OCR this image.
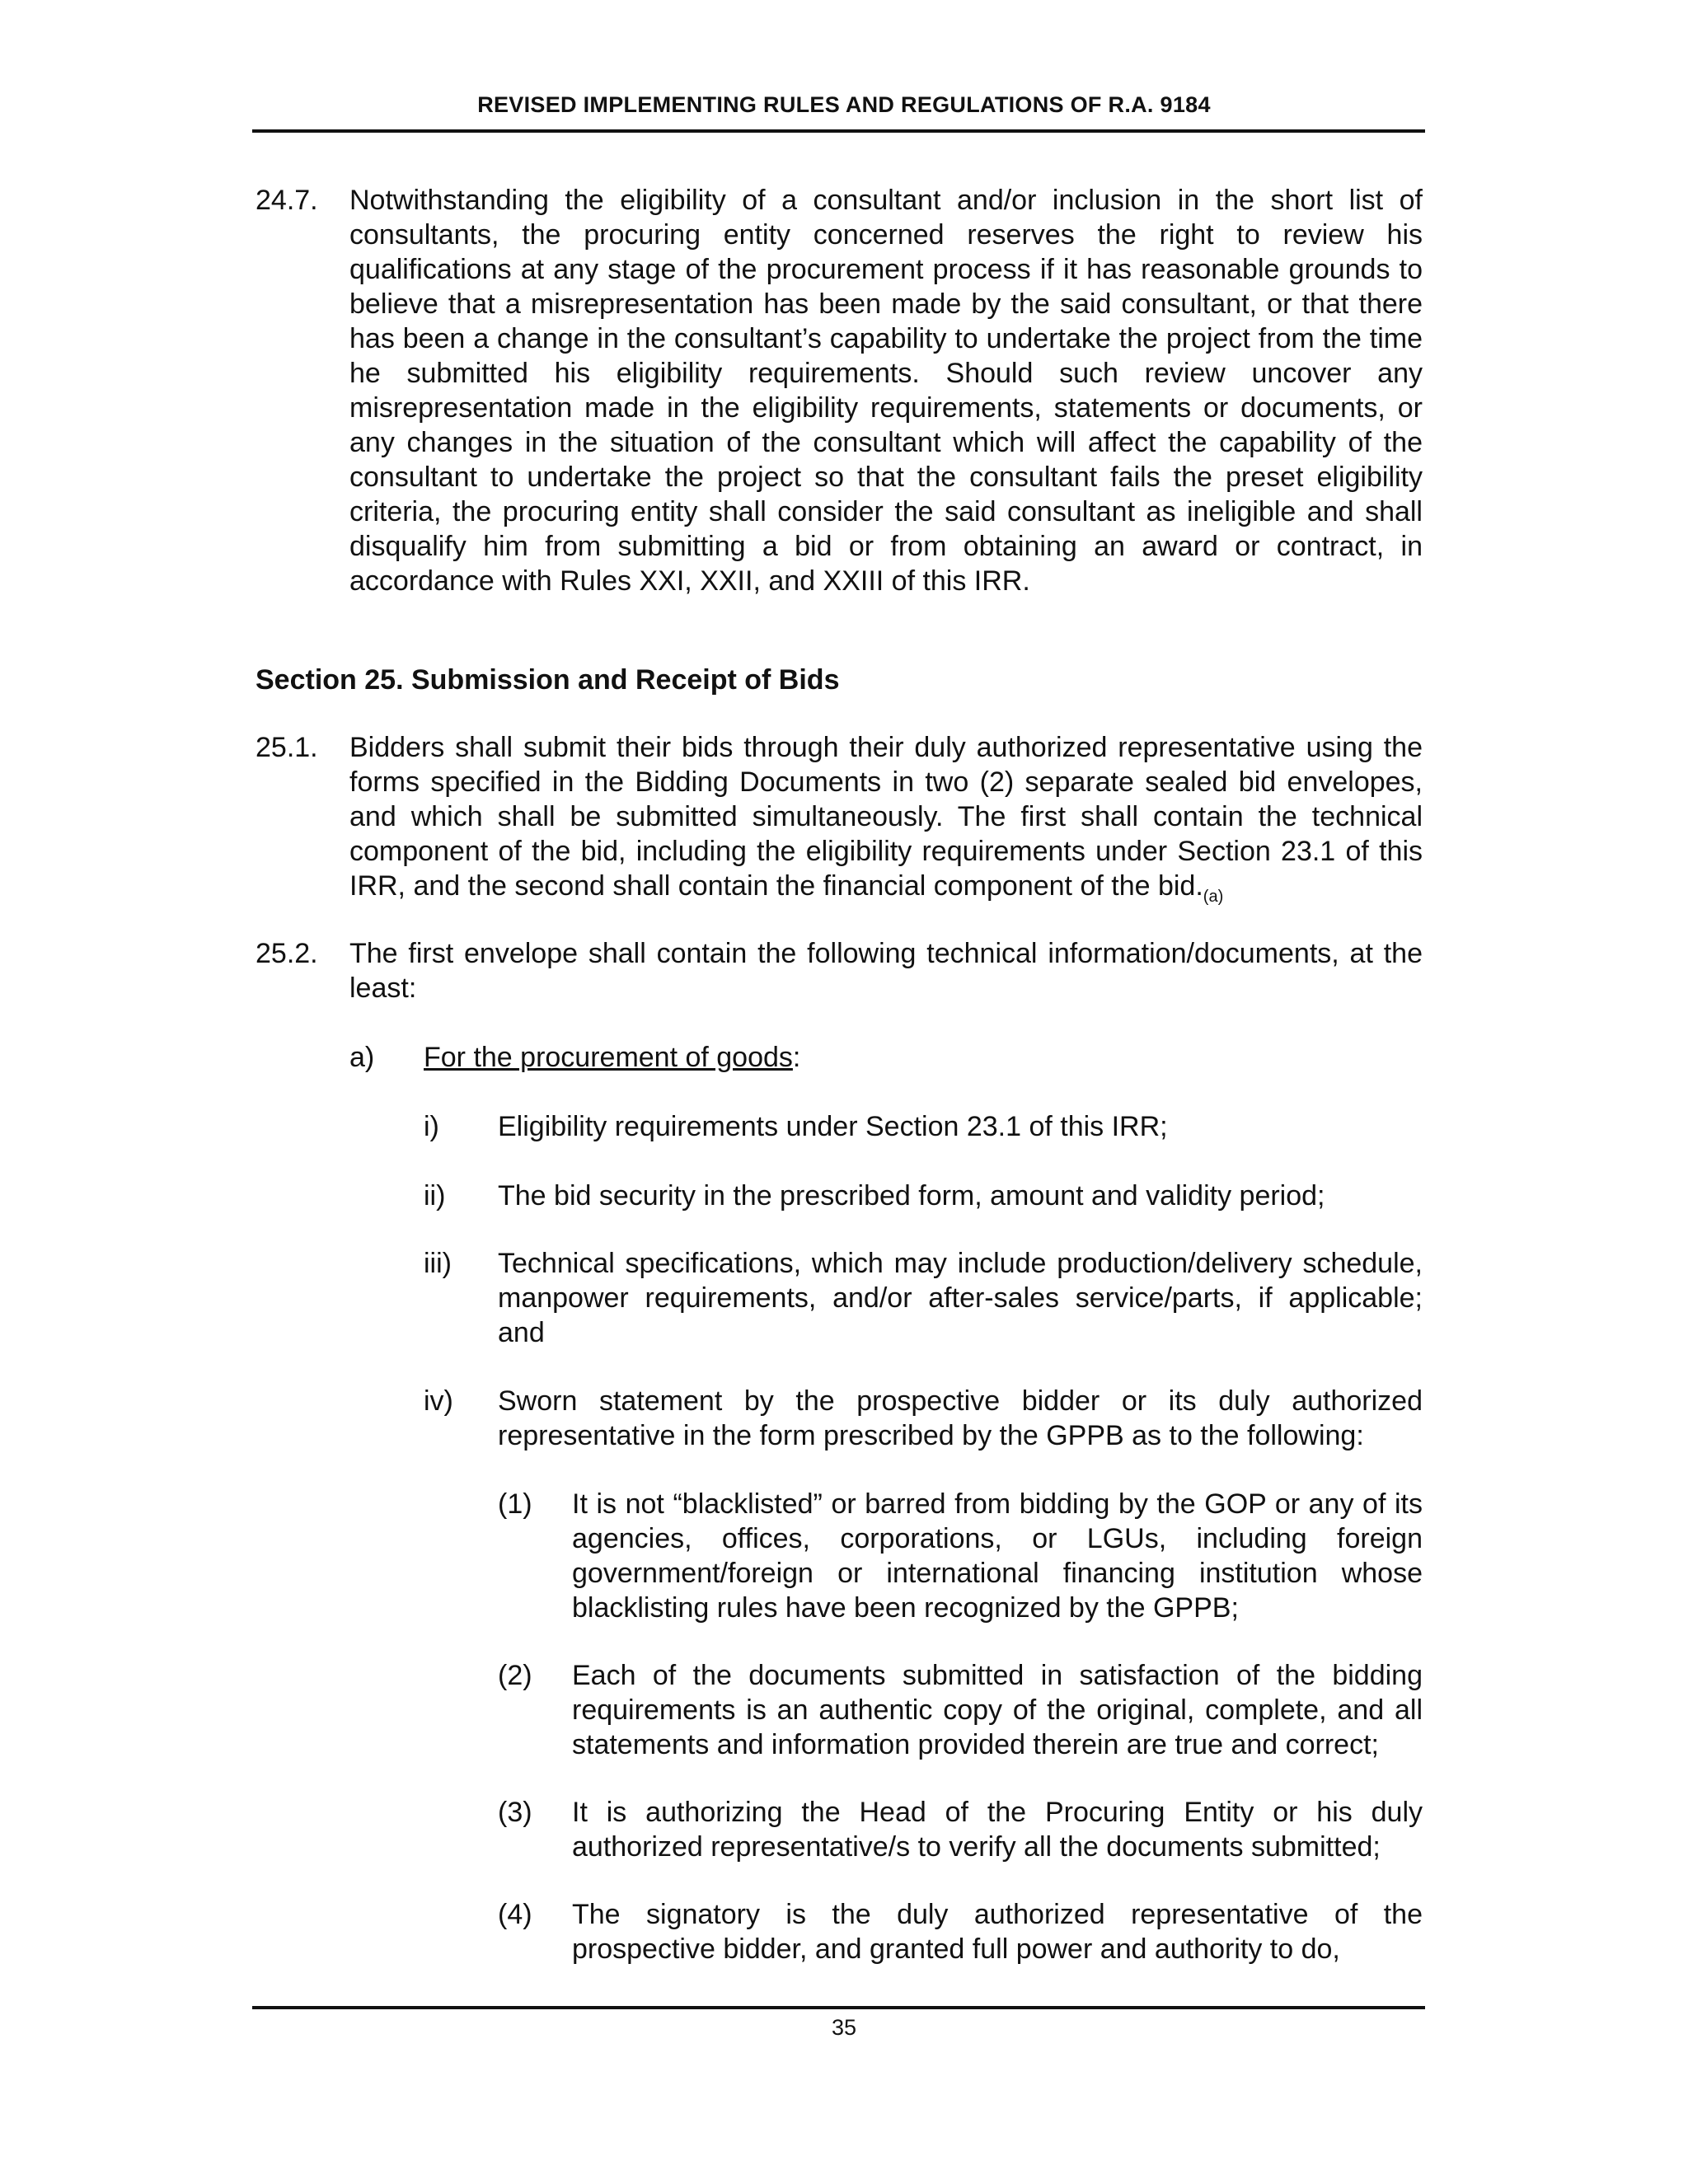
REVISED IMPLEMENTING RULES AND REGULATIONS OF R.A. 9184
24.7. Notwithstanding the eligibility of a consultant and/or inclusion in the short list of consultants, the procuring entity concerned reserves the right to review his qualifications at any stage of the procurement process if it has reasonable grounds to believe that a misrepresentation has been made by the said consultant, or that there has been a change in the consultant’s capability to undertake the project from the time he submitted his eligibility requirements. Should such review uncover any misrepresentation made in the eligibility requirements, statements or documents, or any changes in the situation of the consultant which will affect the capability of the consultant to undertake the project so that the consultant fails the preset eligibility criteria, the procuring entity shall consider the said consultant as ineligible and shall disqualify him from submitting a bid or from obtaining an award or contract, in accordance with Rules XXI, XXII, and XXIII of this IRR.
Section 25. Submission and Receipt of Bids
25.1. Bidders shall submit their bids through their duly authorized representative using the forms specified in the Bidding Documents in two (2) separate sealed bid envelopes, and which shall be submitted simultaneously. The first shall contain the technical component of the bid, including the eligibility requirements under Section 23.1 of this IRR, and the second shall contain the financial component of the $bid._{(a)}$
25.2. The first envelope shall contain the following technical information/documents, at the least:
a) For the procurement of goods:
i) Eligibility requirements under Section 23.1 of this IRR;
ii) The bid security in the prescribed form, amount and validity period;
iii) Technical specifications, which may include production/delivery schedule, manpower requirements, and/or after-sales service/parts, if applicable; and
iv) Sworn statement by the prospective bidder or its duly authorized representative in the form prescribed by the GPPB as to the following:
(1) It is not “blacklisted” or barred from bidding by the GOP or any of its agencies, offices, corporations, or LGUs, including foreign government/foreign or international financing institution whose blacklisting rules have been recognized by the GPPB;
(2) Each of the documents submitted in satisfaction of the bidding requirements is an authentic copy of the original, complete, and all statements and information provided therein are true and correct;
(3) It is authorizing the Head of the Procuring Entity or his duly authorized representative/s to verify all the documents submitted;
(4) The signatory is the duly authorized representative of the prospective bidder, and granted full power and authority to do,
35
